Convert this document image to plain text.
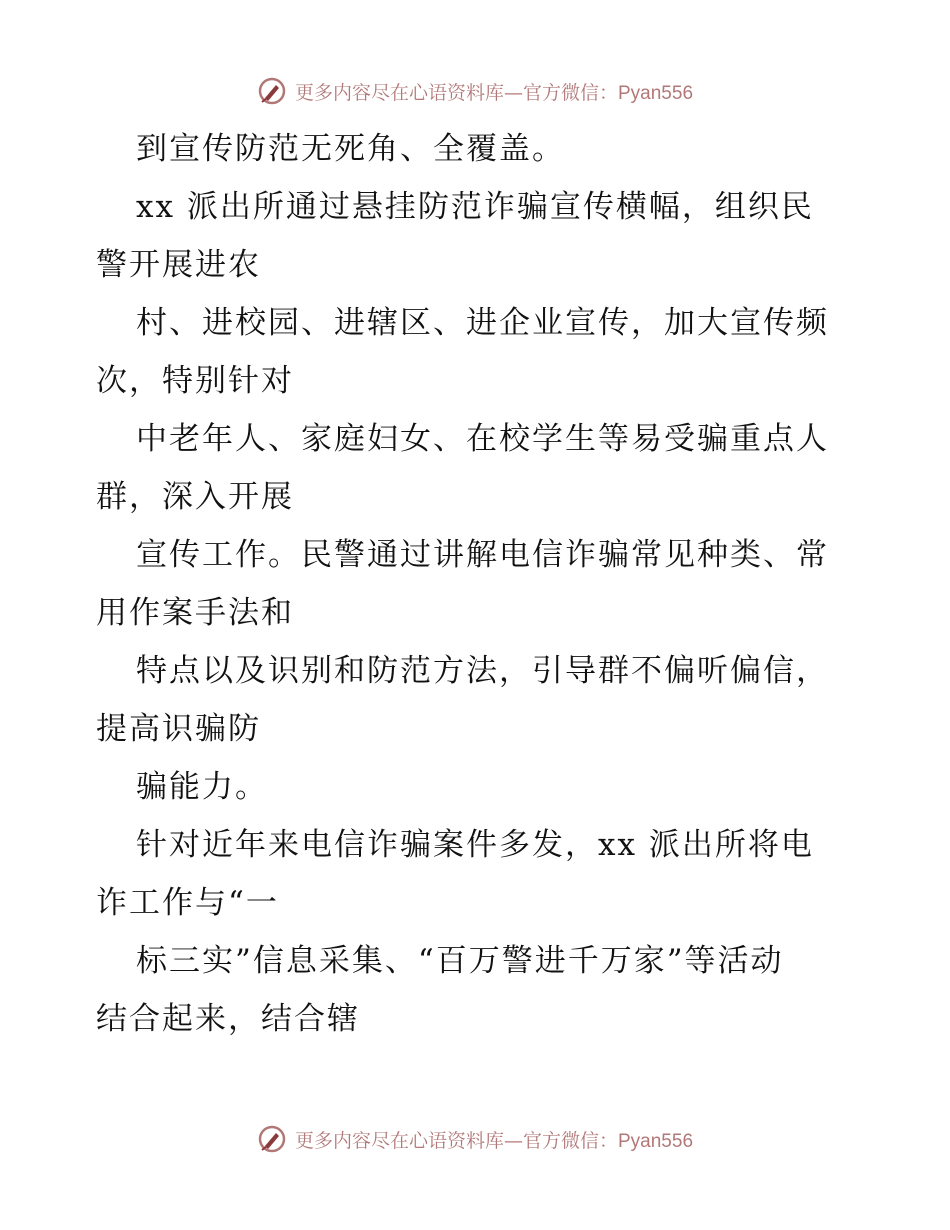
更多内容尽在心语资料库—官方微信：Pyan556
到宣传防范无死角、全覆盖。
xx 派出所通过悬挂防范诈骗宣传横幅，组织民
警开展进农
村、进校园、进辖区、进企业宣传，加大宣传频
次，特别针对
中老年人、家庭妇女、在校学生等易受骗重点人
群，深入开展
宣传工作。民警通过讲解电信诈骗常见种类、常
用作案手法和
特点以及识别和防范方法，引导群不偏听偏信，
提高识骗防
骗能力。
针对近年来电信诈骗案件多发，xx 派出所将电
诈工作与“一
标三实”信息采集、“百万警进千万家”等活动
结合起来，结合辖
更多内容尽在心语资料库—官方微信：Pyan556
